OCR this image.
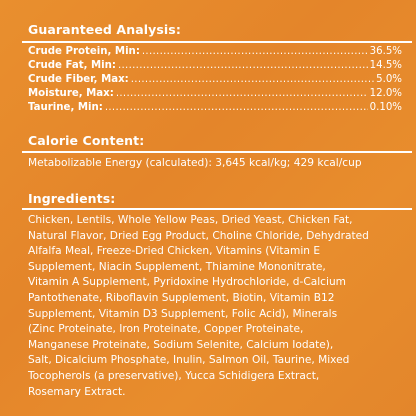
Guaranteed Analysis:
Crude Protein, Min: .....	36.5%
Crude Fat, Min: .....	14.5%
Crude Fiber, Max: .....	5.0%
Moisture, Max: .....	12.0%
Taurine, Min: .....	0.10%
Calorie Content:
Metabolizable Energy (calculated): 3,645 kcal/kg; 429 kcal/cup
Ingredients:
Chicken, Lentils, Whole Yellow Peas, Dried Yeast, Chicken Fat,
Natural Flavor, Dried Egg Product, Choline Chloride, Dehydrated
Alfalfa Meal, Freeze-Dried Chicken, Vitamins (Vitamin E
Supplement, Niacin Supplement, Thiamine Mononitrate,
Vitamin A Supplement, Pyridoxine Hydrochloride, d-Calcium
Pantothenate, Riboflavin Supplement, Biotin, Vitamin B12
Supplement, Vitamin D3 Supplement, Folic Acid), Minerals
(Zinc Proteinate, Iron Proteinate, Copper Proteinate,
Manganese Proteinate, Sodium Selenite, Calcium Iodate),
Salt, Dicalcium Phosphate, Inulin, Salmon Oil, Taurine, Mixed
Tocopherols (a preservative), Yucca Schidigera Extract,
Rosemary Extract.
